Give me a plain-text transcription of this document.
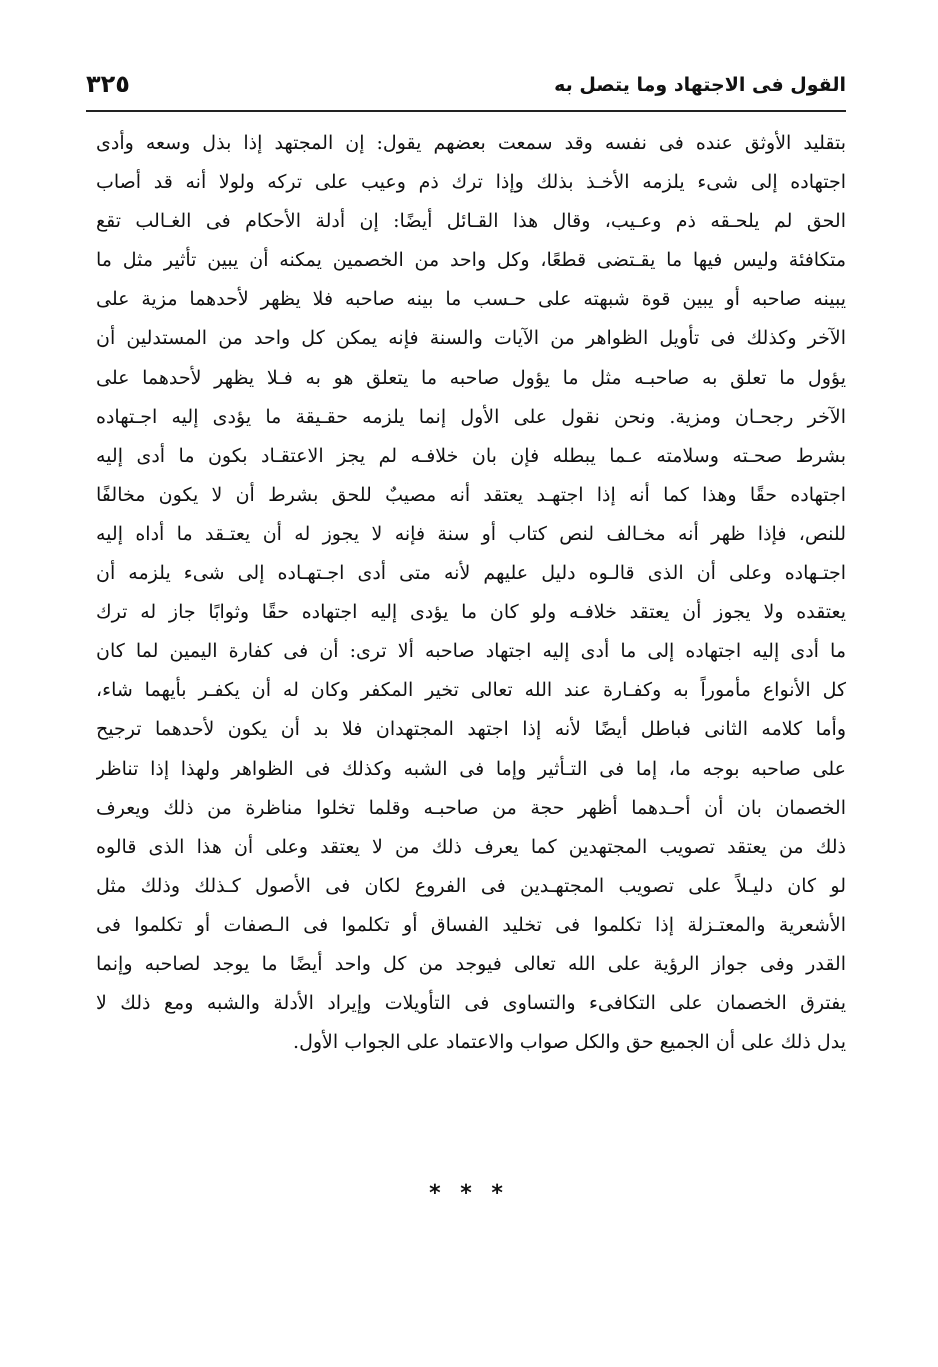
القول فى الاجتهاد وما يتصل به
٣٢٥
بتقليد الأوثق عنده فى نفسه وقد سمعت بعضهم يقول: إن المجتهد إذا بذل وسعه وأدى
اجتهاده إلى شىء يلزمه الأخـذ بذلك وإذا ترك ذم وعيب على تركه ولولا أنه قد أصاب
الحق لم يلحـقه ذم وعـيب، وقال هذا القـائل أيضًا: إن أدلة الأحكام فى الغـالب تقع
متكافئة وليس فيها ما يقـتضى قطعًا، وكل واحد من الخصمين يمكنه أن يبين تأثير مثل ما
يبينه صاحبه أو يبين قوة شبهته على حـسب ما بينه صاحبه فلا يظهر لأحدهما مزية على
الآخر وكذلك فى تأويل الظواهر من الآيات والسنة فإنه يمكن كل واحد من المستدلين أن
يؤول ما تعلق به صاحبـه مثل ما يؤول صاحبه ما يتعلق هو به فـلا يظهر لأحدهما على
الآخر رجحـان ومزية. ونحن نقول على الأول إنما يلزمه حقـيقة ما يؤدى إليه اجـتهاده
بشرط صحـته وسلامته عـما يبطله فإن بان خلافـه لم يجز الاعتقـاد بكون ما أدى إليه
اجتهاده حقًا وهذا كما أنه إذا اجتهـد يعتقد أنه مصيبٌ للحق بشرط أن لا يكون مخالفًا
للنص، فإذا ظهر أنه مخـالف لنص كتاب أو سنة فإنه لا يجوز له أن يعتـقد ما أداه إليه
اجتـهاده وعلى أن الذى قالـوه دليل عليهم لأنه متى أدى اجـتهـاده إلى شىء يلزمه أن
يعتقده ولا يجوز أن يعتقد خلافـه ولو كان ما يؤدى إليه اجتهاده حقًا وثوابًا جاز له ترك
ما أدى إليه اجتهاده إلى ما أدى إليه اجتهاد صاحبه ألا ترى: أن فى كفارة اليمين لما كان
كل الأنواع مأموراً به وكفـارة عند الله تعالى تخير المكفر وكان له أن يكفـر بأيهما شاء،
وأما كلامه الثانى فباطل أيضًا لأنه إذا اجتهد المجتهدان فلا بد أن يكون لأحدهما ترجيح
على صاحبه بوجه ما، إما فى التـأثير وإما فى الشبه وكذلك فى الظواهر ولهذا إذا تناظر
الخصمان بان أن أحـدهما أظهر حجة من صاحبـه وقلما تخلوا مناظرة من ذلك ويعرف
ذلك من يعتقد تصويب المجتهدين كما يعرف ذلك من لا يعتقد وعلى أن هذا الذى قالوه
لو كان دليـلاً على تصويب المجتهـدين فى الفروع لكان فى الأصول كـذلك وذلك مثل
الأشعرية والمعتـزلة إذا تكلموا فى تخليد الفساق أو تكلموا فى الـصفات أو تكلموا فى
القدر وفى جواز الرؤية على الله تعالى فيوجد من كل واحد أيضًا ما يوجد لصاحبه وإنما
يفترق الخصمان على التكافىء والتساوى فى التأويلات وإيراد الأدلة والشبه ومع ذلك لا
يدل ذلك على أن الجميع حق والكل صواب والاعتماد على الجواب الأول.
* * *
